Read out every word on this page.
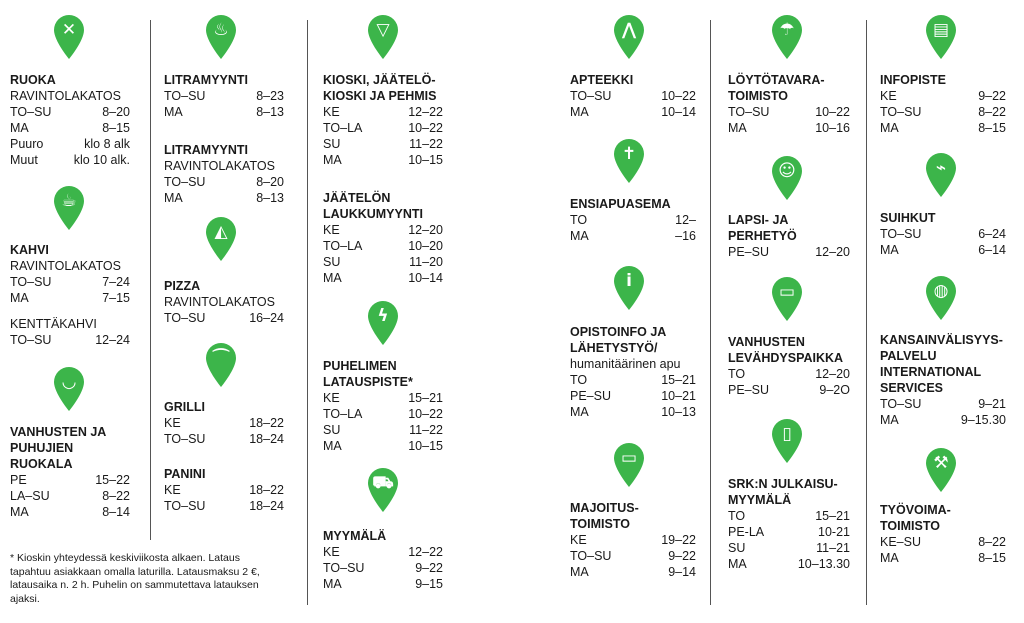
✕
☕
◡
♨
◭
⌒
▽
ϟ
⛟
⋀
✝
i
▭
☂
☺
▭
▯
▤
⌁
◍
⚒
RUOKA
RAVINTOLAKATOS
TO–SU	8–20
MA	8–15
Puuro	klo 8 alk
Muut	klo 10 alk.
KAHVI
RAVINTOLAKATOS
TO–SU	7–24
MA	7–15
KENTTÄKAHVI
TO–SU	12–24
VANHUSTEN JA PUHUJIEN RUOKALA
PE	15–22
LA–SU	8–22
MA	8–14
LITRAMYYNTI
TO–SU	8–23
MA	8–13
LITRAMYYNTI
RAVINTOLAKATOS
TO–SU	8–20
MA	8–13
PIZZA
RAVINTOLAKATOS
TO–SU	16–24
GRILLI
KE	18–22
TO–SU	18–24
PANINI
KE	18–22
TO–SU	18–24
KIOSKI, JÄÄTELÖ-KIOSKI JA PEHMIS
KE	12–22
TO–LA	10–22
SU	11–22
MA	10–15
JÄÄTELÖN LAUKKUMYYNTI
KE	12–20
TO–LA	10–20
SU	11–20
MA	10–14
PUHELIMEN LATAUSPISTE*
KE	15–21
TO–LA	10–22
SU	11–22
MA	10–15
MYYMÄLÄ
KE	12–22
TO–SU	9–22
MA	9–15
APTEEKKI
TO–SU	10–22
MA	10–14
ENSIAPUASEMA
TO	12–
MA	–16
OPISTOINFO JA LÄHETYSTYÖ/
humanitäärinen apu
TO	15–21
PE–SU	10–21
MA	10–13
MAJOITUS-TOIMISTO
KE	19–22
TO–SU	9–22
MA	9–14
LÖYTÖTAVARA-TOIMISTO
TO–SU	10–22
MA	10–16
LAPSI- JA PERHETYÖ
PE–SU	12–20
VANHUSTEN LEVÄHDYSPAIKKA
TO	12–20
PE–SU	9–2O
SRK:N JULKAISU-MYYMÄLÄ
TO	15–21
PE-LA	10-21
SU	11–21
MA	10–13.30
INFOPISTE
KE	9–22
TO–SU	8–22
MA	8–15
SUIHKUT
TO–SU	6–24
MA	6–14
KANSAINVÄLISYYS-PALVELU INTERNATIONAL SERVICES
TO–SU	9–21
MA	9–15.30
TYÖVOIMA-TOIMISTO
KE–SU	8–22
MA	8–15
* Kioskin yhteydessä keskiviikosta alkaen. Lataus tapahtuu asiakkaan omalla laturilla. Latausmaksu 2 €, latausaika n. 2 h. Puhelin on sammutettava latauksen ajaksi.
